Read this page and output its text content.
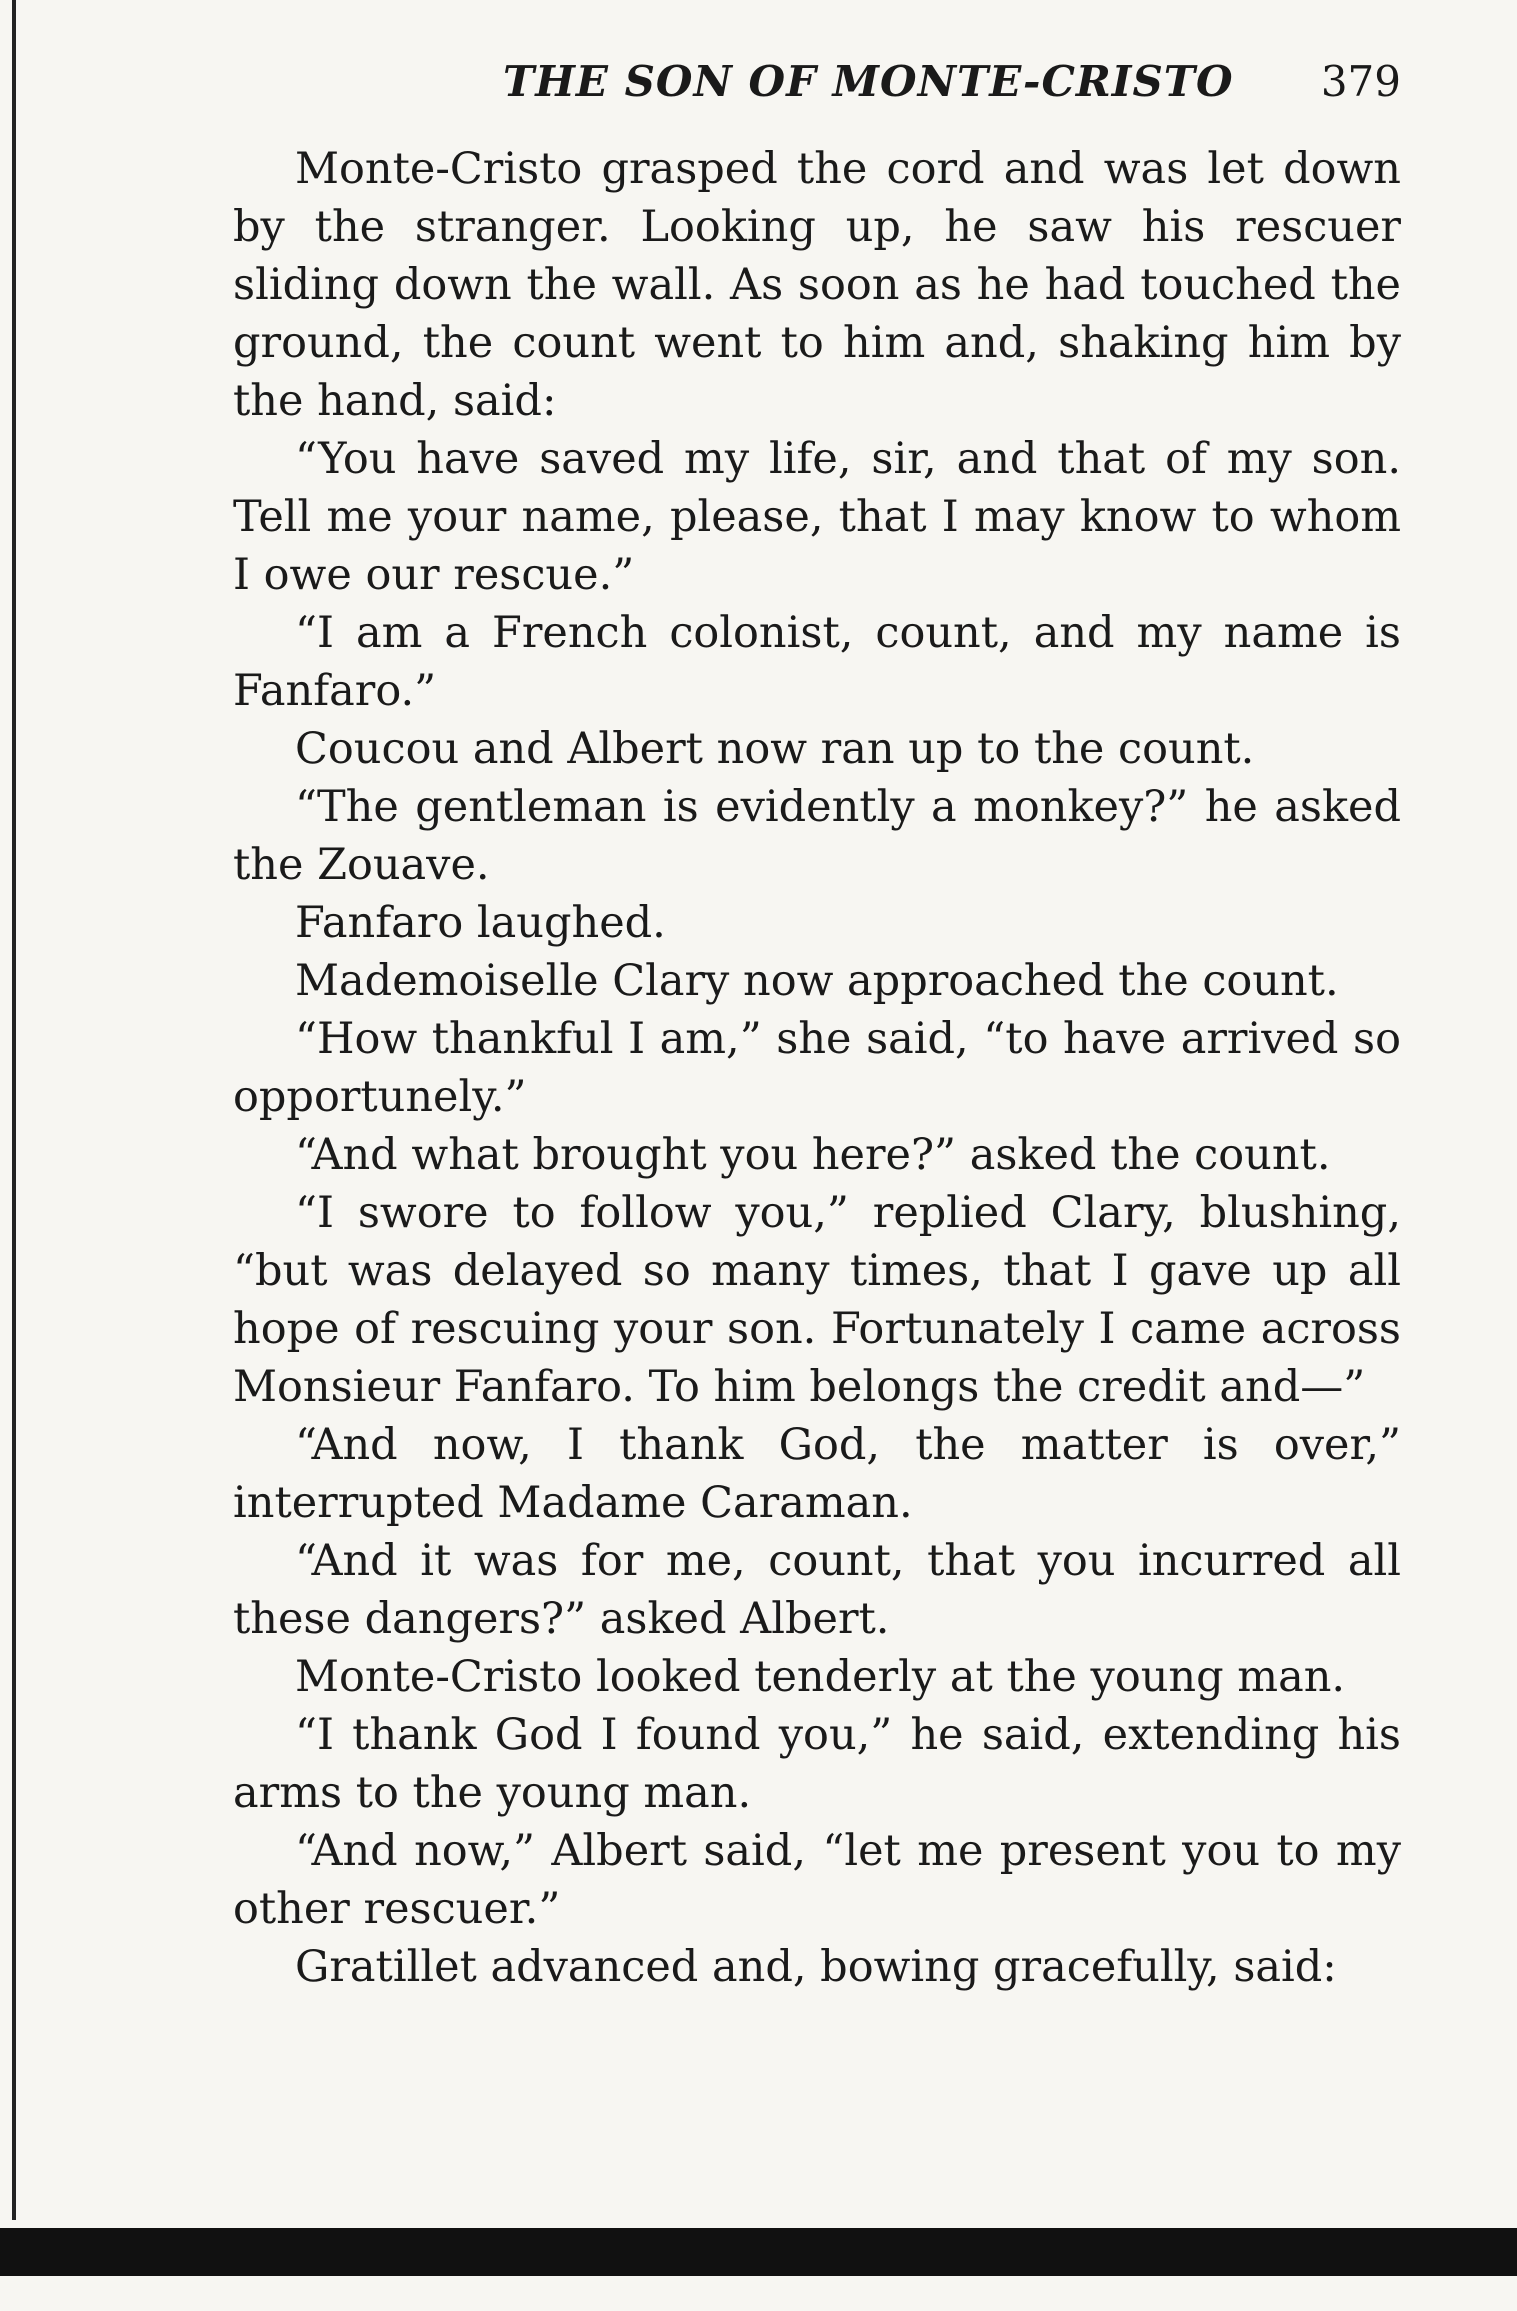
THE SON OF MONTE-CRISTO 379

Monte-Cristo grasped the cord and was let down by the stranger. Looking up, he saw his rescuer sliding down the wall. As soon as he had touched the ground, the count went to him and, shaking him by the hand, said:

“You have saved my life, sir, and that of my son. Tell me your name, please, that I may know to whom I owe our rescue.”

“I am a French colonist, count, and my name is Fanfaro.”

Coucou and Albert now ran up to the count.

“The gentleman is evidently a monkey?” he asked the Zouave.

Fanfaro laughed.

Mademoiselle Clary now approached the count.

“How thankful I am,” she said, “to have arrived so opportunely.”

“And what brought you here?” asked the count.

“I swore to follow you,” replied Clary, blushing, “but was delayed so many times, that I gave up all hope of rescuing your son. Fortunately I came across Monsieur Fanfaro. To him belongs the credit and—”

“And now, I thank God, the matter is over,” interrupted Madame Caraman.

“And it was for me, count, that you incurred all these dangers?” asked Albert.

Monte-Cristo looked tenderly at the young man.

“I thank God I found you,” he said, extending his arms to the young man.

“And now,” Albert said, “let me present you to my other rescuer.”

Gratillet advanced and, bowing gracefully, said:
